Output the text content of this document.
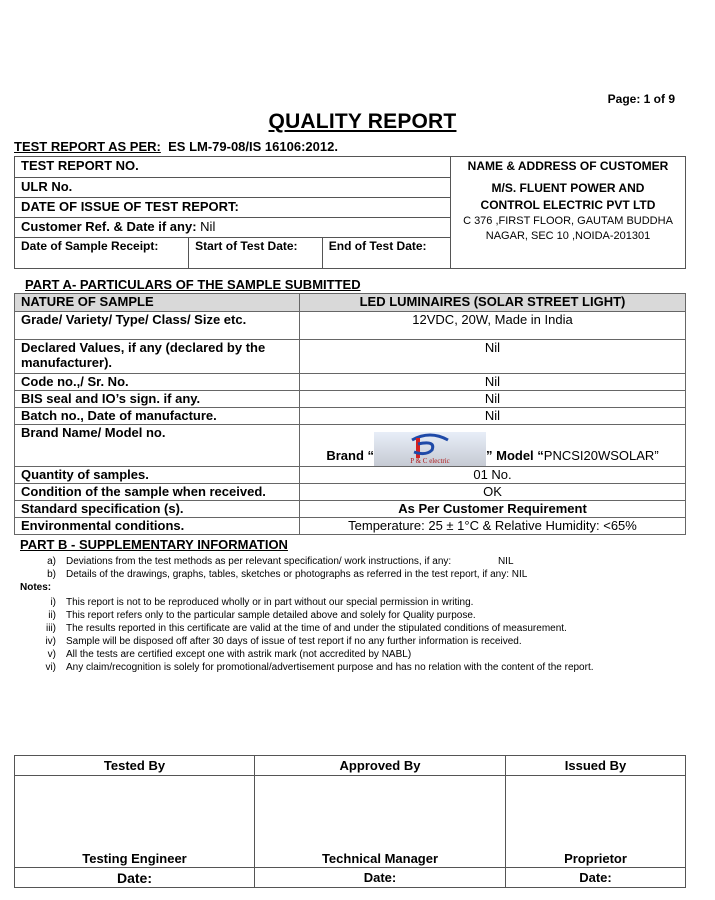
Page: 1 of 9
QUALITY REPORT
TEST REPORT AS PER: ES LM-79-08/IS 16106:2012.
TEST REPORT NO.			NAME & ADDRESS OF CUSTOMER
M/S. FLUENT POWER AND
CONTROL ELECTRIC PVT LTD
C 376 ,FIRST FLOOR, GAUTAM BUDDHA
NAGAR, SEC 10 ,NOIDA-201301

ULR No.			
DATE OF ISSUE OF TEST REPORT:			
Customer Ref. & Date if any: Nil			
Date of Sample Receipt:	Start of Test Date:	End of Test Date:	
PART A- PARTICULARS OF THE SAMPLE SUBMITTED
NATURE OF SAMPLE	LED LUMINAIRES (SOLAR STREET LIGHT)
Grade/ Variety/ Type/ Class/ Size etc.	12VDC, 20W, Made in India
Declared Values, if any (declared by the manufacturer).	Nil
Code no.,/ Sr. No.	Nil
BIS seal and IO’s sign. if any.	Nil
Batch no., Date of manufacture.	Nil
Brand Name/ Model no.	Brand “ P & C electric ” Model “PNCSI20WSOLAR”
Quantity of samples.	01 No.
Condition of the sample when received.	OK
Standard specification (s).	As Per Customer Requirement
Environmental conditions.	Temperature: 25 ± 1°C & Relative Humidity: <65%
PART B - SUPPLEMENTARY INFORMATION
a) Deviations from the test methods as per relevant specification/ work instructions, if any:	NIL
b) Details of the drawings, graphs, tables, sketches or photographs as referred in the test report, if any: NIL
Notes:
i) This report is not to be reproduced wholly or in part without our special permission in writing.
ii) This report refers only to the particular sample detailed above and solely for Quality purpose.
iii) The results reported in this certificate are valid at the time of and under the stipulated conditions of measurement.
iv) Sample will be disposed off after 30 days of issue of test report if no any further information is received.
v) All the tests are certified except one with astrik mark (not accredited by NABL)
vi) Any claim/recognition is solely for promotional/advertisement purpose and has no relation with the content of the report.
Tested By	Approved By	Issued By
Testing Engineer	Technical Manager	Proprietor
Date:	Date:	Date:
